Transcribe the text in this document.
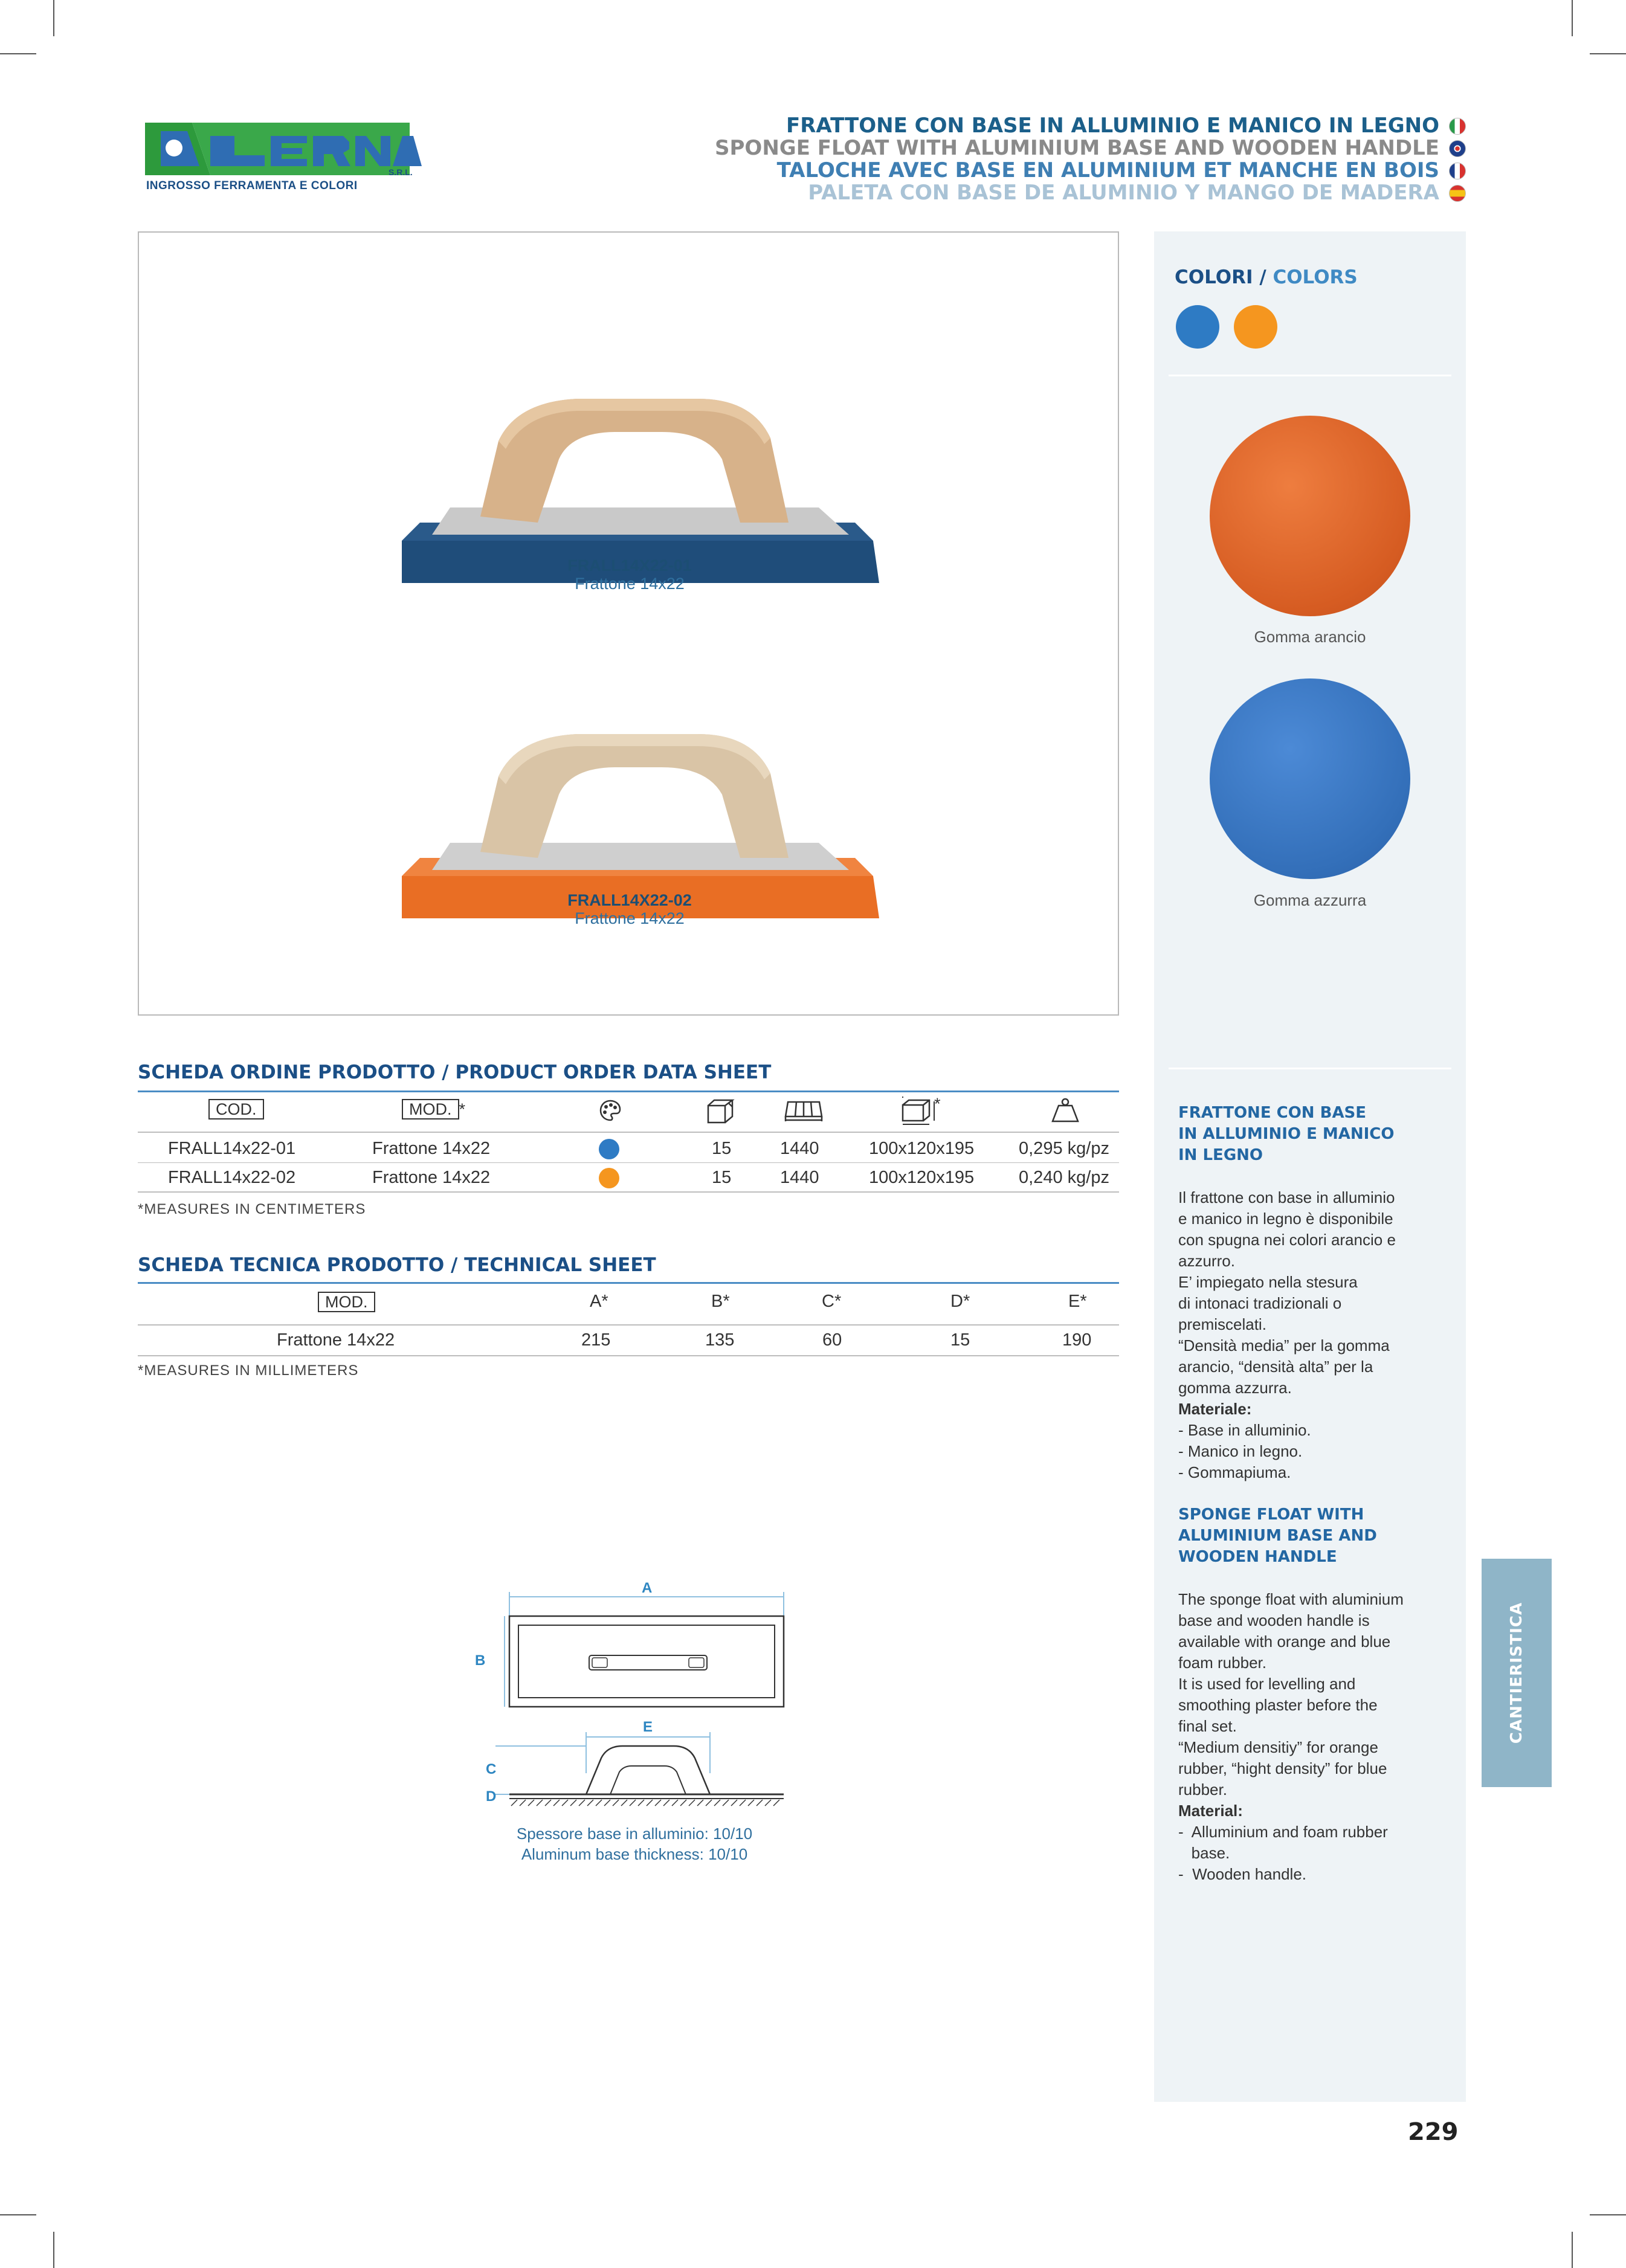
S.R.L.
INGROSSO FERRAMENTA E COLORI
FRATTONE CON BASE IN ALLUMINIO E MANICO IN LEGNO
SPONGE FLOAT WITH ALUMINIUM BASE AND WOODEN HANDLE
TALOCHE AVEC BASE EN ALUMINIUM ET MANCHE EN BOIS
PALETA CON BASE DE ALUMINIO Y MANGO DE MADERA
FRALL14X22-01
Frattone 14x22
FRALL14X22-02
Frattone 14x22
COLORI / COLORS
Gomma arancio
Gomma azzurra
FRATTONE CON BASE
IN ALLUMINIO E MANICO
IN LEGNO
Il frattone con base in alluminio
e manico in legno è disponibile
con spugna nei colori arancio e
azzurro.
E’ impiegato nella stesura
di intonaci tradizionali o
premiscelati.
“Densità media” per la gomma
arancio, “densità alta” per la
gomma azzurra.
Materiale:
- Base in alluminio.
- Manico in legno.
- Gommapiuma.
SPONGE FLOAT WITH
ALUMINIUM BASE AND
WOODEN HANDLE
The sponge float with aluminium
base and wooden handle is
available with orange and blue
foam rubber.
It is used for levelling and
smoothing plaster before the
final set.
“Medium densitiy” for orange
rubber, “hight density” for blue
rubber.
Material:
-  Alluminium and foam rubber
base.
-  Wooden handle.
CANTIERISTICA
SCHEDA ORDINE PRODOTTO / PRODUCT ORDER DATA SHEET
COD.	MOD. *	*
FRALL14x22-01	Frattone 14x22	15	1440	100x120x195	0,295 kg/pz
FRALL14x22-02	Frattone 14x22	15	1440	100x120x195	0,240 kg/pz
*MEASURES IN CENTIMETERS
SCHEDA TECNICA PRODOTTO / TECHNICAL SHEET
MOD.	A*	B*	C*	D*	E*
Frattone 14x22	215	135	60	15	190
*MEASURES IN MILLIMETERS
A
B
E
C
D
Spessore base in alluminio: 10/10
Aluminum base thickness: 10/10
229
